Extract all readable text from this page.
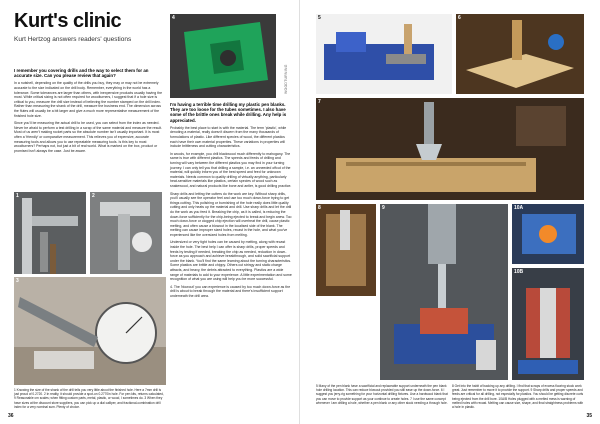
Kurt's clinic
Kurt Hertzog answers readers' questions

I remember you covering drills and the way to select them for an accurate size. Can you please review that again?

In a nutshell, depending on the quality of the drills you buy, they may or may not be extremely accurate to the size indicated on the drill body. Remember, everything in the world has a tolerance. Some tolerances are larger than others, with inexpensive products usually having the most. While critical sizing is not often required for woodturners, I suggest that if a hole size is critical to you, measure the drill size instead of believing the number stamped on the drill index. Rather than measuring the shank of the drill, measure the business end. The dimension across the flutes will usually be a bit larger and give a much more representative measurement of the finished hole size.

Since you'll be measuring the actual drill to be used, you can select from the index as needed. Never be afraid to perform a test drilling in a scrap of the same material and measure the result. Most of us aren't making rocket parts so the absolute number isn't usually important. It is most often a 'friendly' or comparative measurement. This relieves you of expensive, accurate measuring tools and allows you to use repeatable measuring tools. Is this key to most woodturners? Perhaps not, but just a bit of real world. What is marked on the box, product or promised isn't always the case. Just be aware.

1	2
3
1 Knowing the size of the shank of the drill tells you very little about the finished hole. Here a 7mm drill is just proud of 0.2720. 2 In reality, it should provide a spot-on 0.2770in hole. For pen kits, returns calculated, 9 Reasonable cm scales; when fitting custom parts, metal, plastic, or wood, I sometimes do. 3 When they have sizes at the discount store suppliers, you can pick up a dial calliper, and fractional-combination drill index for a very nominal sum. Plenty of choice.
4
WOODTURNING

I'm having a terrible time drilling my plastic pen blanks. They are too loose for the tubes sometimes. I also have some of the brittle ones break while drilling. Any help is appreciated.

Probably the best place to start is with the material. The term 'plastic', while denoting a material, really doesn't discern from the many thousands of formulations of plastic. Like different species of wood, the different plastics each have their own material properties. These variations in properties will include brittleness and cutting characteristics.

In woods, for example, you drill blackwood much differently to mahogany. The same is true with different plastics. The speeds and feeds of drilling and turning will vary between the different plastics you may find in your turning journey. I can only tell you that drilling a sample, i.e. an unneeded offcut of the material, will quickly inform you of the best speed and feed for unknown materials. Needs common to quality drilling of virtually anything, particularly heat-sensitive materials like plastics, certain species of wood such as snakewood, and natural products like bone and antler, is good drilling practice.

Sharp drills and letting the cutters do the work are key. Without sharp drills, you'll usually see the operator feel and use too much down-force trying to get things cutting. This polishing or burnishing of the hole really does little quality cutting and only heats up the material and drill. Use sharp drills and let the drill do the work as you feed it. Breaking the chip, as it is called, is reducing the down-force sufficiently for the chip-being ejected to break and begin anew. Too much down-force or clogged chip ejection will overheat the drill, cause plastic melting, and often cause a blowout in the localised side of the blank. The melting can cause improper sized holes, recast in the hole, and what you've experienced like the oversized holes from melting.

Undersized or very tight holes can be caused by melting, along with recast inside the hole. The best help I can offer is sharp drills, proper speeds and feeds by testing if needed, breaking the chip as needed, reduction in down-force as you approach and achieve breakthrough, and solid sacrificial support under the blank. You'll find the same learning about the turning characteristics. Some plastics are brittle and chippy. Others cut stringy and static charge attracts, and heavy, the debris attracted to everything. Plastics are a wide range of materials to add to your experience. A little experimentation and some recognition of what you are using will help you be more successful.

4. The 'blowout' you can experience is caused by too much down-force as the drill is about to break through the material and there's insufficient support underneath the drill area.

36
5	6
7
8	9	10A
10B
5 Many of the pen blank have a sacrificial and replaceable support underneath the pen blank hole drilling location. This can reduce blowout provided you still ease up the down-force. 6 I suggest you jerry-rig something for your horizontal drilling fixtures. Use a hardwood blank that you can move to provide support as your continue to create holes. 7 I use the same concept whenever I am drilling a hole, whether a pen blank or any other stock needing a through hole.
8 Get into the habit of backing up any drilling. I find that scraps of excess flooring stock work great. Just remember to move it to provide the support. 9 Sharp drills and proper speeds and feeds are critical for all drilling, not especially for plastics. You should be getting discrete curls being ejected from the drill bore. 10A/B Holes plugged with a melted mess is warning of melted holes with recast. Melting can cause size, shape, and final straightness problems with a hole in plastic.
35
